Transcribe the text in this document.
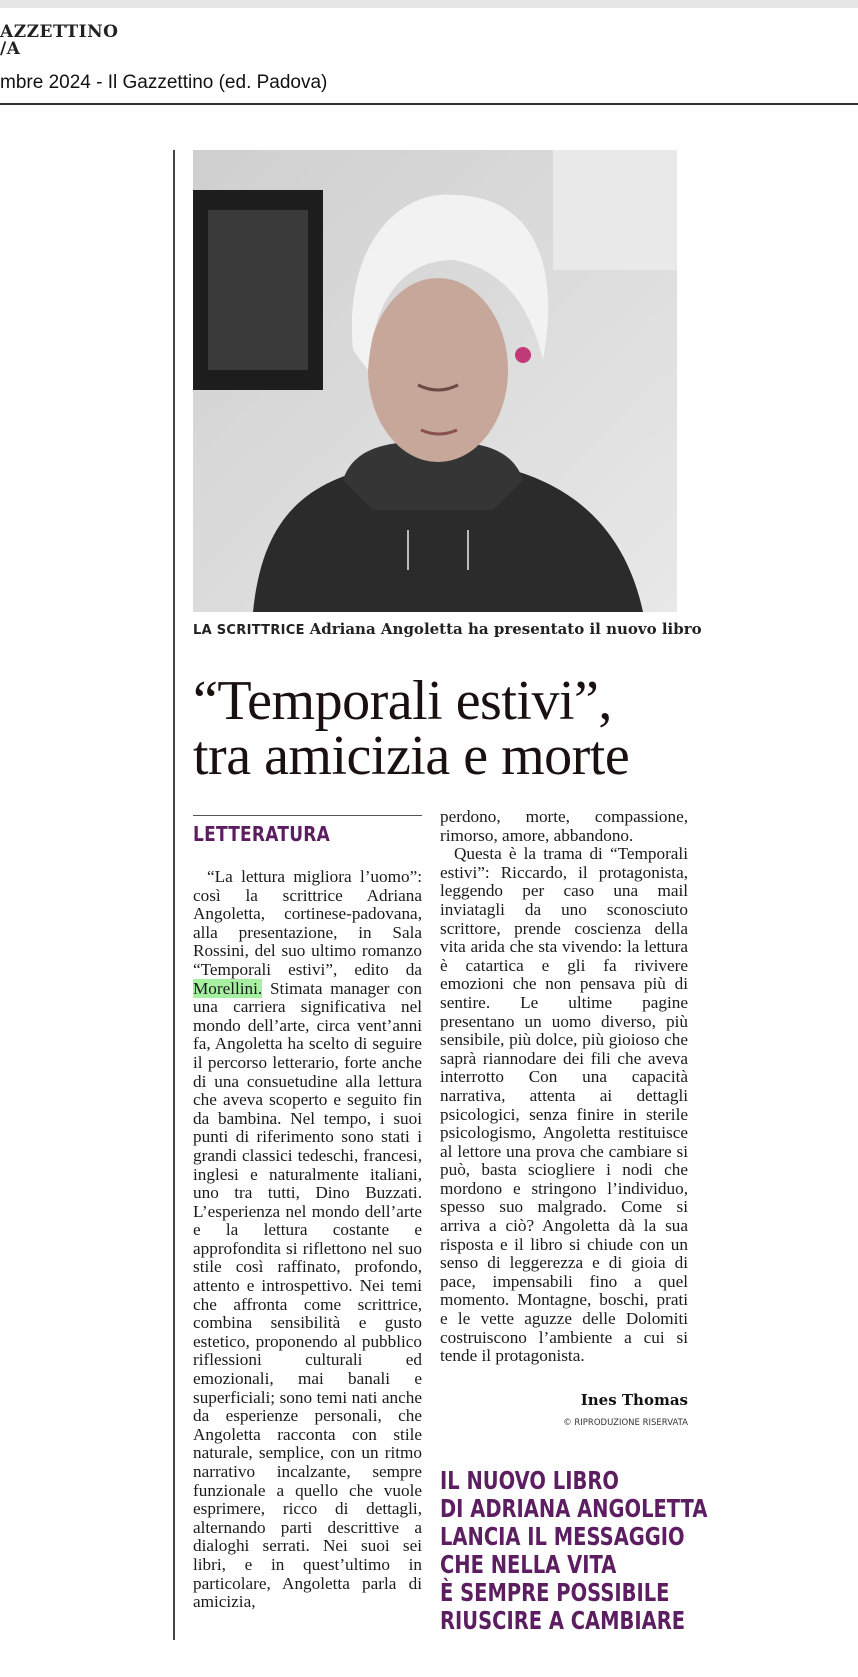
AZZETTINO
/A
mbre 2024 - Il Gazzettino (ed. Padova)
LA SCRITTRICE Adriana Angoletta ha presentato il nuovo libro
“Temporali estivi”,
tra amicizia e morte
LETTERATURA

“La lettura migliora l’uomo”: così la scrittrice Adriana Angoletta, cortinese-padovana, alla presentazione, in Sala Rossini, del suo ultimo romanzo “Temporali estivi”, edito da Morellini. Stimata manager con una carriera significativa nel mondo dell’arte, circa vent’anni fa, Angoletta ha scelto di seguire il percorso letterario, forte anche di una consuetudine alla lettura che aveva scoperto e seguito fin da bambina. Nel tempo, i suoi punti di riferimento sono stati i grandi classici tedeschi, francesi, inglesi e naturalmente italiani, uno tra tutti, Dino Buzzati. L’esperienza nel mondo dell’arte e la lettura costante e approfondita si riflettono nel suo stile così raffinato, profondo, attento e introspettivo. Nei temi che affronta come scrittrice, combina sensibilità e gusto estetico, proponendo al pubblico riflessioni culturali ed emozionali, mai banali e superficiali; sono temi nati anche da esperienze personali, che Angoletta racconta con stile naturale, semplice, con un ritmo narrativo incalzante, sempre funzionale a quello che vuole esprimere, ricco di dettagli, alternando parti descrittive a dialoghi serrati. Nei suoi sei libri, e in quest’ultimo in particolare, Angoletta parla di amicizia,

perdono, morte, compassione, rimorso, amore, abbandono.

Questa è la trama di “Temporali estivi”: Riccardo, il protagonista, leggendo per caso una mail inviatagli da uno sconosciuto scrittore, prende coscienza della vita arida che sta vivendo: la lettura è catartica e gli fa rivivere emozioni che non pensava più di sentire. Le ultime pagine presentano un uomo diverso, più sensibile, più dolce, più gioioso che saprà riannodare dei fili che aveva interrotto Con una capacità narrativa, attenta ai dettagli psicologici, senza finire in sterile psicologismo, Angoletta restituisce al lettore una prova che cambiare si può, basta sciogliere i nodi che mordono e stringono l’individuo, spesso suo malgrado. Come si arriva a ciò? Angoletta dà la sua risposta e il libro si chiude con un senso di leggerezza e di gioia di pace, impensabili fino a quel momento. Montagne, boschi, prati e le vette aguzze delle Dolomiti costruiscono l’ambiente a cui si tende il protagonista.

Ines Thomas
© RIPRODUZIONE RISERVATA
IL NUOVO LIBRO
DI ADRIANA ANGOLETTA
LANCIA IL MESSAGGIO
CHE NELLA VITA
È SEMPRE POSSIBILE
RIUSCIRE A CAMBIARE
